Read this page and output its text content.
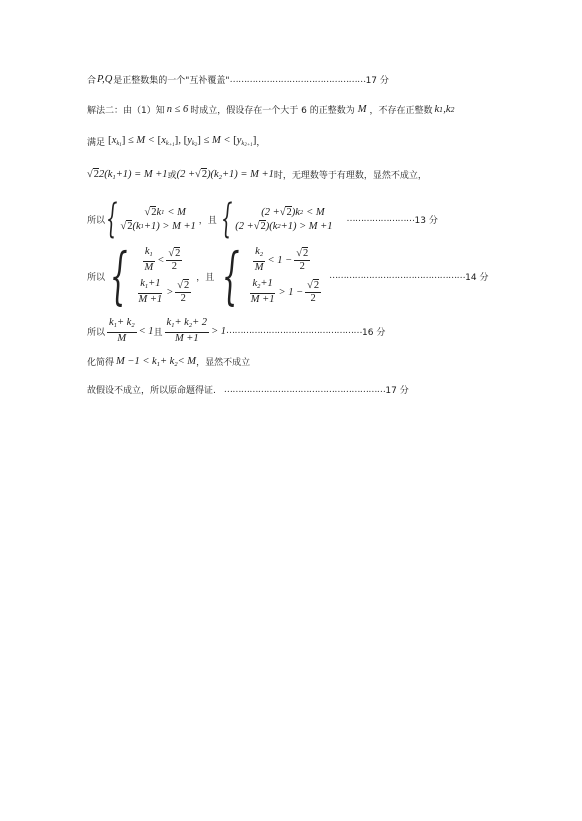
合 P,Q 是正整数集的一个"互补覆盖" ………………………………………… 17 分
解法二：由（1）知 n ≤ 6 时成立，假设存在一个大于 6 的正整数为 M ，不存在正整数 k 1 , k 2
满足 $[x_{k1}] \le M < [x_{k+1}]$, $[y_{k2}] \le M < [y_{k2+1}]$ ，
$√22(k_1+1) = M +1$ 或 $(2 +√2)(k_2+1) = M +1$ 时，无理数等于有理数，显然不成立，
所以 {	√2 k 1 < M
√2 (k 1 +1) > M +1 ，且 {	(2 + √2 )k 2 < M
(2 + √2 )(k 2 +1) > M +1
…………………… 13 分
所以 { $\frac{k_1}{M} < \frac{√2}{2}$
$\frac{k_1+1}{M +1} > \frac{√2}{2}$
，且 { $\frac{k_2}{M} < 1 - \frac{√2}{2}$
$\frac{k_2+1}{M +1} > 1 - \frac{√2}{2}$
………………………………………… 14 分
所以 $\frac{k_1+ k_2}{M} < 1$ 且 $\frac{k_1+ k_2+ 2}{M +1} > 1$ ………………………………………… 16 分
化简得 $M -1 < k_1+ k_2< M$ ，显然不成立
故假设不成立，所以原命题得证. ………………………………………………… 17 分
